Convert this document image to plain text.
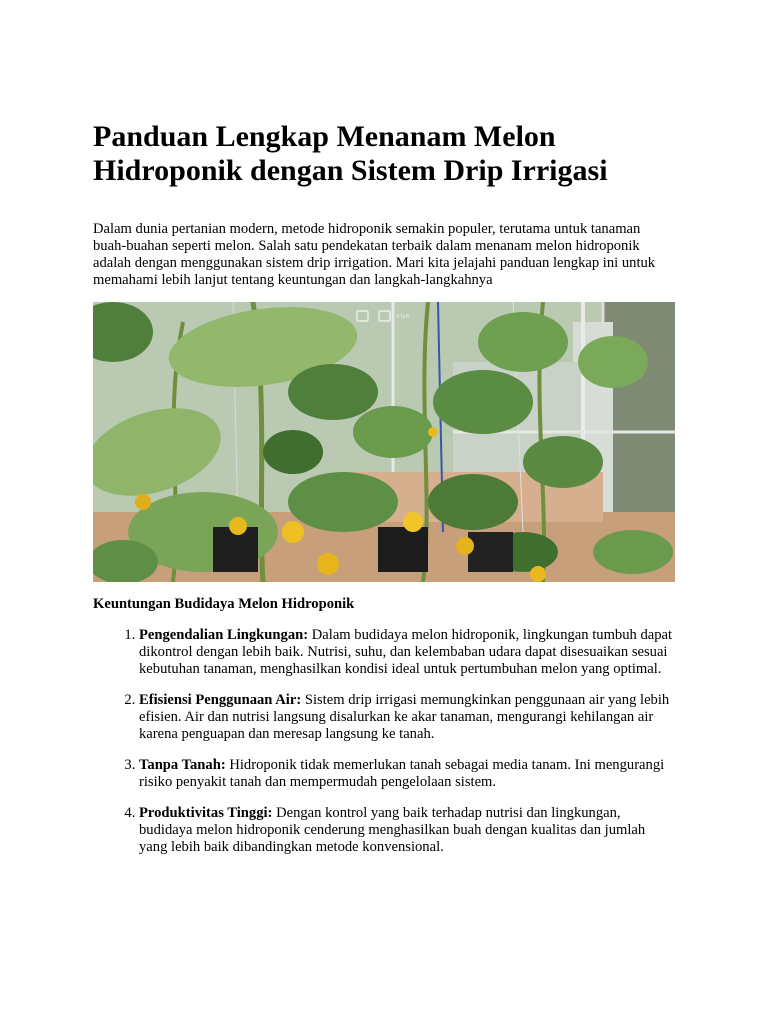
Panduan Lengkap Menanam Melon Hidroponik dengan Sistem Drip Irrigasi

Dalam dunia pertanian modern, metode hidroponik semakin populer, terutama untuk tanaman buah-buahan seperti melon. Salah satu pendekatan terbaik dalam menanam melon hidroponik adalah dengan menggunakan sistem drip irrigation. Mari kita jelajahi panduan lengkap ini untuk memahami lebih lanjut tentang keuntungan dan langkah-langkahnya

Keuntungan Budidaya Melon Hidroponik

1. Pengendalian Lingkungan: Dalam budidaya melon hidroponik, lingkungan tumbuh dapat dikontrol dengan lebih baik. Nutrisi, suhu, dan kelembaban udara dapat disesuaikan sesuai kebutuhan tanaman, menghasilkan kondisi ideal untuk pertumbuhan melon yang optimal.
2. Efisiensi Penggunaan Air: Sistem drip irrigasi memungkinkan penggunaan air yang lebih efisien. Air dan nutrisi langsung disalurkan ke akar tanaman, mengurangi kehilangan air karena penguapan dan meresap langsung ke tanah.
3. Tanpa Tanah: Hidroponik tidak memerlukan tanah sebagai media tanam. Ini mengurangi risiko penyakit tanah dan mempermudah pengelolaan sistem.
4. Produktivitas Tinggi: Dengan kontrol yang baik terhadap nutrisi dan lingkungan, budidaya melon hidroponik cenderung menghasilkan buah dengan kualitas dan jumlah yang lebih baik dibandingkan metode konvensional.
FGX
